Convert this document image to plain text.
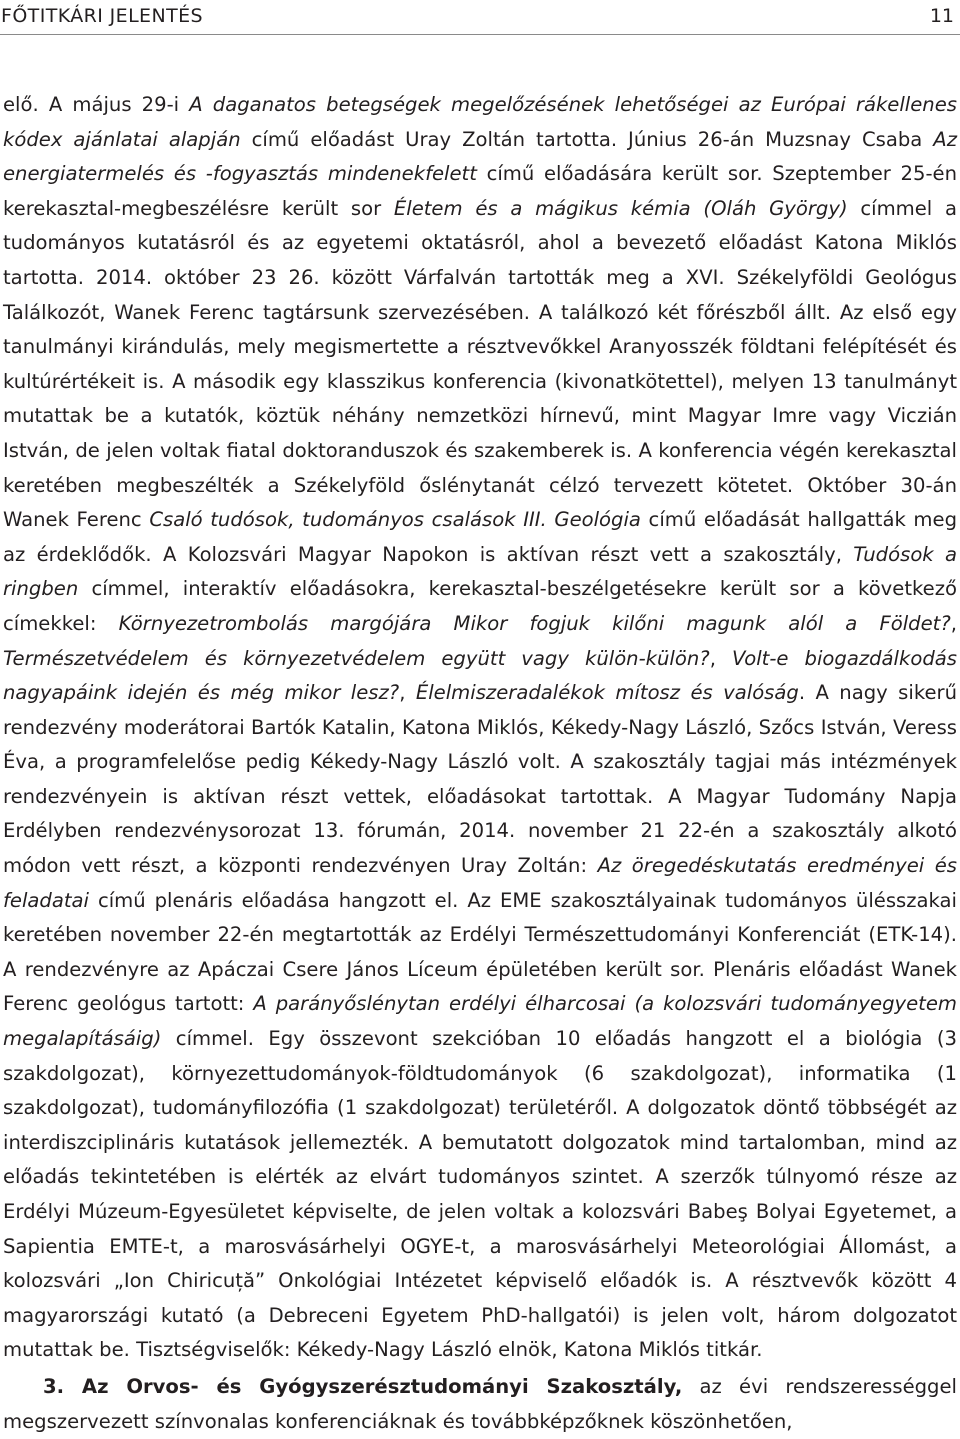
FŐTITKÁRI JELENTÉS	11

elő. A május 29-i A daganatos betegségek megelőzésének lehetőségei az Európai rákellenes kódex ajánlatai alapján című előadást Uray Zoltán tartotta. Június 26-án Muzsnay Csaba Az energiatermelés és -fogyasztás mindenekfelett című előadására került sor. Szeptember 25-én kerekasztal-megbeszélésre került sor Életem és a mágikus kémia (Oláh György) címmel a tudományos kutatásról és az egyetemi oktatásról, ahol a bevezető előadást Katona Miklós tartotta. 2014. október 23 26. között Várfalván tartották meg a XVI. Székelyföldi Geológus Találkozót, Wanek Ferenc tagtársunk szervezésében. A találkozó két főrészből állt. Az első egy tanulmányi kirándulás, mely megismertette a résztvevőkkel Aranyosszék földtani felépítését és kultúrértékeit is. A második egy klasszikus konferencia (kivonatkötettel), melyen 13 tanulmányt mutattak be a kutatók, köztük néhány nemzetközi hírnevű, mint Magyar Imre vagy Viczián István, de jelen voltak fiatal doktoranduszok és szakemberek is. A konferencia végén kerekasztal keretében megbeszélték a Székelyföld őslénytanát célzó tervezett kötetet. Október 30-án Wanek Ferenc Csaló tudósok, tudományos csalások III. Geológia című előadását hallgatták meg az érdeklődők. A Kolozsvári Magyar Napokon is aktívan részt vett a szakosztály, Tudósok a ringben címmel, interaktív előadásokra, kerekasztal-beszélgetésekre került sor a következő címekkel: Környezetrombolás margójára Mikor fogjuk kilőni magunk alól a Földet?, Természetvédelem és környezetvédelem együtt vagy külön-külön?, Volt-e biogazdálkodás nagyapáink idején és még mikor lesz?, Élelmiszeradalékok mítosz és valóság. A nagy sikerű rendezvény moderátorai Bartók Katalin, Katona Miklós, Kékedy-Nagy László, Szőcs István, Veress Éva, a programfelelőse pedig Kékedy-Nagy László volt. A szakosztály tagjai más intézmények rendezvényein is aktívan részt vettek, előadásokat tartottak. A Magyar Tudomány Napja Erdélyben rendezvénysorozat 13. fórumán, 2014. november 21 22-én a szakosztály alkotó módon vett részt, a központi rendezvényen Uray Zoltán: Az öregedéskutatás eredményei és feladatai című plenáris előadása hangzott el. Az EME szakosztályainak tudományos ülésszakai keretében november 22-én megtartották az Erdélyi Természettudományi Konferenciát (ETK-14). A rendezvényre az Apáczai Csere János Líceum épületében került sor. Plenáris előadást Wanek Ferenc geológus tartott: A parányőslénytan erdélyi élharcosai (a kolozsvári tudományegyetem megalapításáig) címmel. Egy összevont szekcióban 10 előadás hangzott el a biológia (3 szakdolgozat), környezettudományok-földtudományok (6 szakdolgozat), informatika (1 szakdolgozat), tudományfilozófia (1 szakdolgozat) területéről. A dolgozatok döntő többségét az interdiszciplináris kutatások jellemezték. A bemutatott dolgozatok mind tartalomban, mind az előadás tekintetében is elérték az elvárt tudományos szintet. A szerzők túlnyomó része az Erdélyi Múzeum-Egyesületet képviselte, de jelen voltak a kolozsvári Babeş Bolyai Egyetemet, a Sapientia EMTE-t, a marosvásárhelyi OGYE-t, a marosvásárhelyi Meteorológiai Állomást, a kolozsvári „Ion Chiricuță” Onkológiai Intézetet képviselő előadók is. A résztvevők között 4 magyarországi kutató (a Debreceni Egyetem PhD-hallgatói) is jelen volt, három dolgozatot mutattak be. Tisztségviselők: Kékedy-Nagy László elnök, Katona Miklós titkár.

3. Az Orvos- és Gyógyszerésztudományi Szakosztály, az évi rendszerességgel megszervezett színvonalas konferenciáknak és továbbképzőknek köszönhetően,
